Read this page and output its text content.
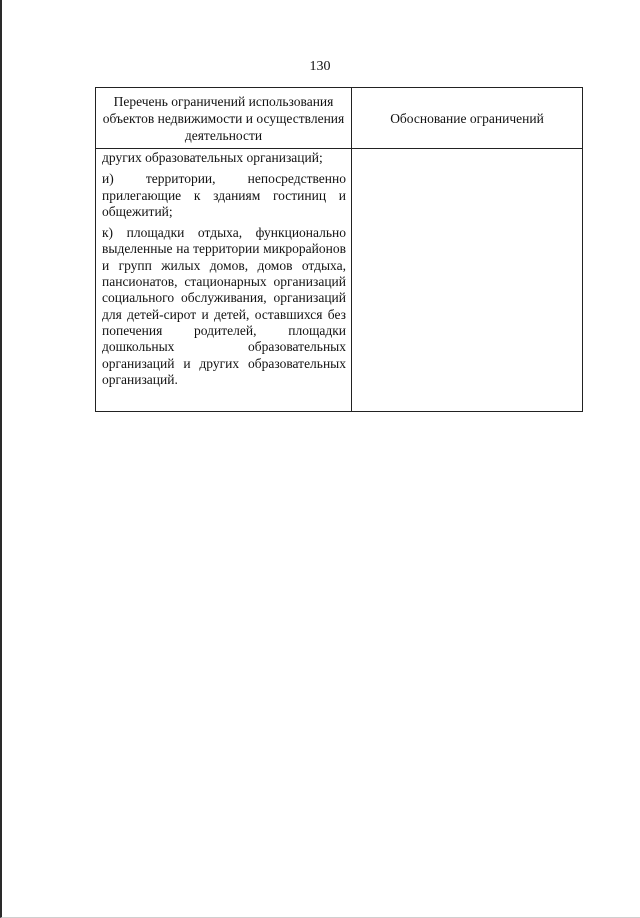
130
Перечень ограничений использования объектов недвижимости и осуществления деятельности	Обоснование ограничений

других образовательных организаций;

и) территории, непосредственно прилегающие к зданиям гостиниц и общежитий;

к) площадки отдыха, функционально выделенные на территории микрорайонов и групп жилых домов, домов отдыха, пансионатов, стационарных организаций социального обслуживания, организаций для детей-сирот и детей, оставшихся без попечения родителей, площадки дошкольных образовательных организаций и других образовательных организаций.	
